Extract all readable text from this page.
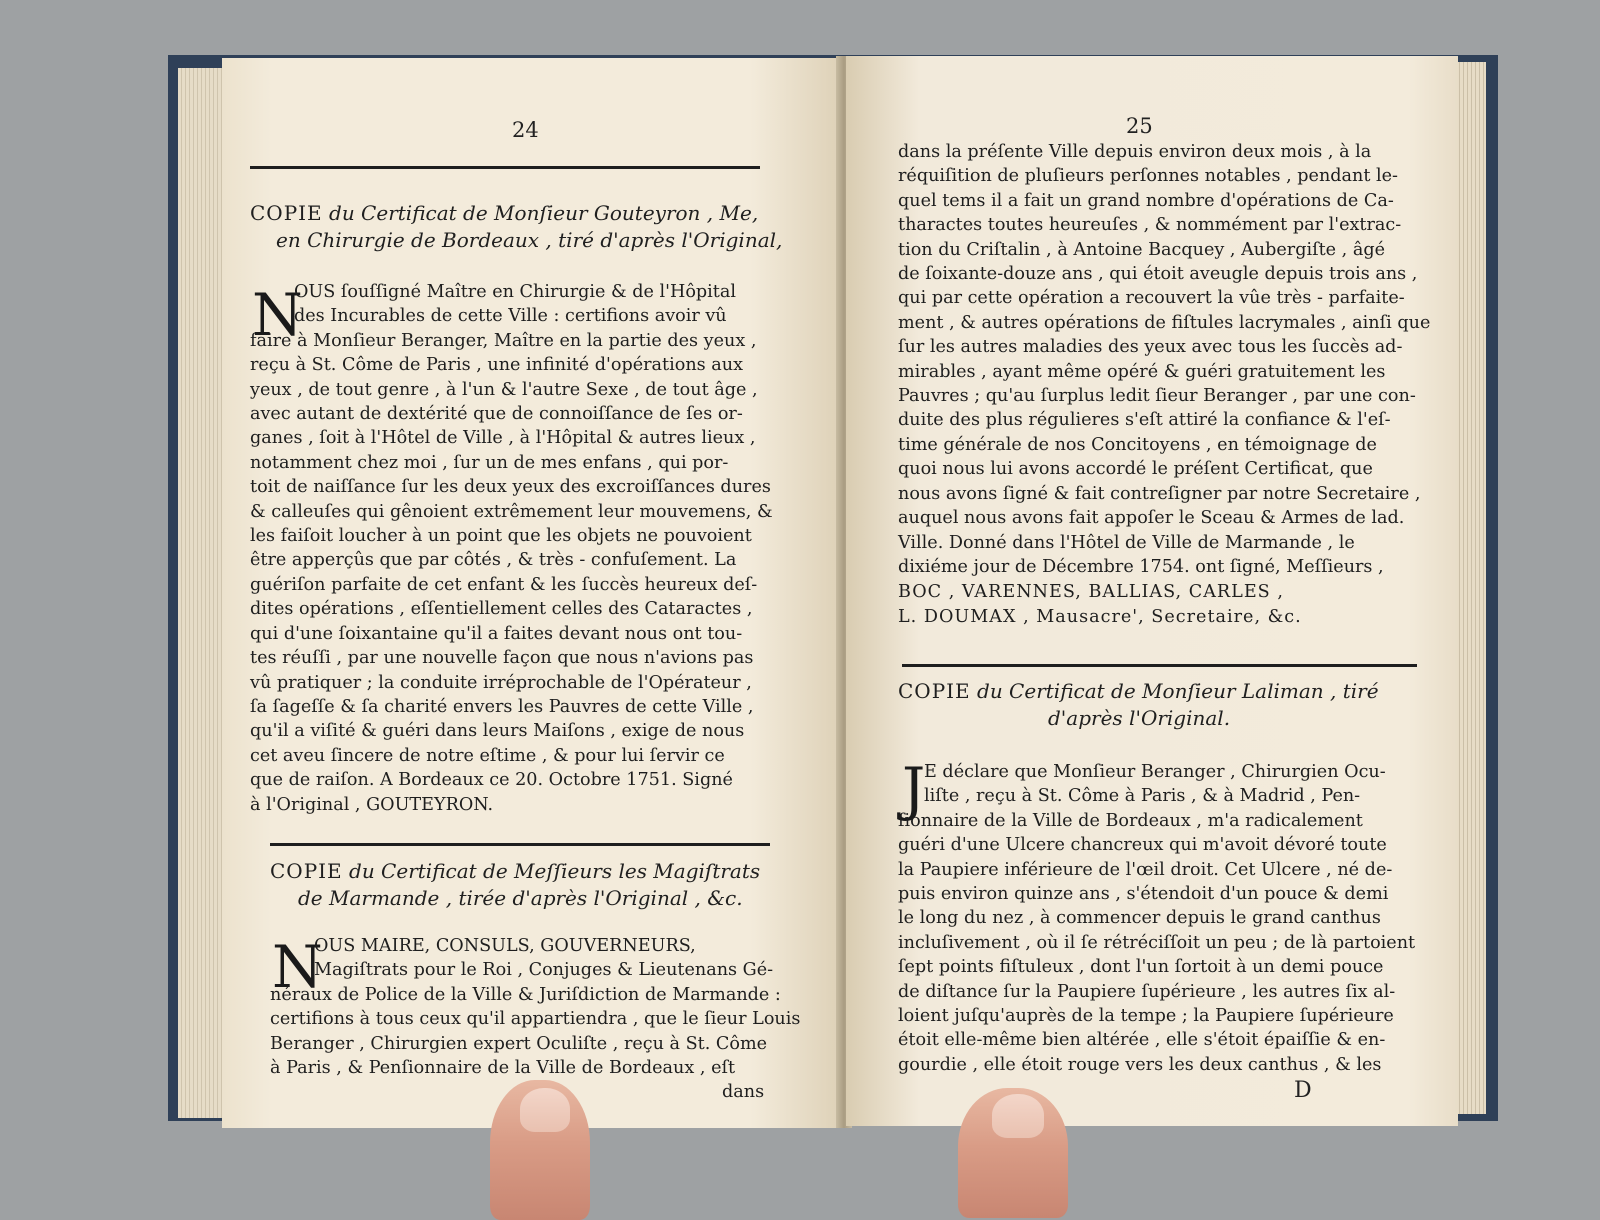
24
COPIE du Certificat de Monſieur Gouteyron , Me,
en Chirurgie de Bordeaux , tiré d'après l'Original,
N
OUS ſouſſigné Maître en Chirurgie & de l'Hôpital
des Incurables de cette Ville : certifions avoir vû
faire à Monſieur Beranger, Maître en la partie des yeux ,
reçu à St. Côme de Paris , une infinité d'opérations aux
yeux , de tout genre , à l'un & l'autre Sexe , de tout âge ,
avec autant de dextérité que de connoiſſance de ſes or-
ganes , ſoit à l'Hôtel de Ville , à l'Hôpital & autres lieux ,
notamment chez moi , ſur un de mes enfans , qui por-
toit de naiſſance ſur les deux yeux des excroiſſances dures
& calleuſes qui gênoient extrêmement leur mouvemens, &
les faiſoit loucher à un point que les objets ne pouvoient
être apperçûs que par côtés , & très - confuſement. La
guériſon parfaite de cet enfant & les ſuccès heureux deſ-
dites opérations , eſſentiellement celles des Cataractes ,
qui d'une ſoixantaine qu'il a faites devant nous ont tou-
tes réuſſi , par une nouvelle façon que nous n'avions pas
vû pratiquer ; la conduite irréprochable de l'Opérateur ,
ſa ſageſſe & ſa charité envers les Pauvres de cette Ville ,
qu'il a viſité & guéri dans leurs Maiſons , exige de nous
cet aveu ſincere de notre eſtime , & pour lui ſervir ce
que de raiſon. A Bordeaux ce 20. Octobre 1751. Signé
à l'Original , GOUTEYRON.
COPIE du Certificat de Meſſieurs les Magiſtrats
de Marmande , tirée d'après l'Original , &c.
N
OUS MAIRE, CONSULS, GOUVERNEURS,
Magiſtrats pour le Roi , Conjuges & Lieutenans Gé-
néraux de Police de la Ville & Juriſdiction de Marmande :
certifions à tous ceux qu'il appartiendra , que le ſieur Louis
Beranger , Chirurgien expert Oculiſte , reçu à St. Côme
à Paris , & Penſionnaire de la Ville de Bordeaux , eſt
dans
25
dans la préſente Ville depuis environ deux mois , à la
réquiſition de pluſieurs perſonnes notables , pendant le-
quel tems il a fait un grand nombre d'opérations de Ca-
tharactes toutes heureuſes , & nommément par l'extrac-
tion du Criſtalin , à Antoine Bacquey , Aubergiſte , âgé
de ſoixante-douze ans , qui étoit aveugle depuis trois ans ,
qui par cette opération a recouvert la vûe très - parfaite-
ment , & autres opérations de fiſtules lacrymales , ainſi que
ſur les autres maladies des yeux avec tous les ſuccès ad-
mirables , ayant même opéré & guéri gratuitement les
Pauvres ; qu'au ſurplus ledit ſieur Beranger , par une con-
duite des plus régulieres s'eſt attiré la confiance & l'eſ-
time générale de nos Concitoyens , en témoignage de
quoi nous lui avons accordé le préſent Certificat, que
nous avons ſigné & fait contreſigner par notre Secretaire ,
auquel nous avons fait appoſer le Sceau & Armes de lad.
Ville. Donné dans l'Hôtel de Ville de Marmande , le
dixiéme jour de Décembre 1754. ont ſigné, Meſſieurs ,
BOC , VARENNES, BALLIAS, CARLES ,
L. DOUMAX , Mausacre', Secretaire, &c.
COPIE du Certificat de Monſieur Laliman , tiré
d'après l'Original.
J
E déclare que Monſieur Beranger , Chirurgien Ocu-
liſte , reçu à St. Côme à Paris , & à Madrid , Pen-
ſionnaire de la Ville de Bordeaux , m'a radicalement
guéri d'une Ulcere chancreux qui m'avoit dévoré toute
la Paupiere inférieure de l'œil droit. Cet Ulcere , né de-
puis environ quinze ans , s'étendoit d'un pouce & demi
le long du nez , à commencer depuis le grand canthus
incluſivement , où il ſe rétréciſſoit un peu ; de là partoient
ſept points fiſtuleux , dont l'un ſortoit à un demi pouce
de diſtance ſur la Paupiere ſupérieure , les autres ſix al-
loient juſqu'auprès de la tempe ; la Paupiere ſupérieure
étoit elle-même bien altérée , elle s'étoit épaiſſie & en-
gourdie , elle étoit rouge vers les deux canthus , & les
D
